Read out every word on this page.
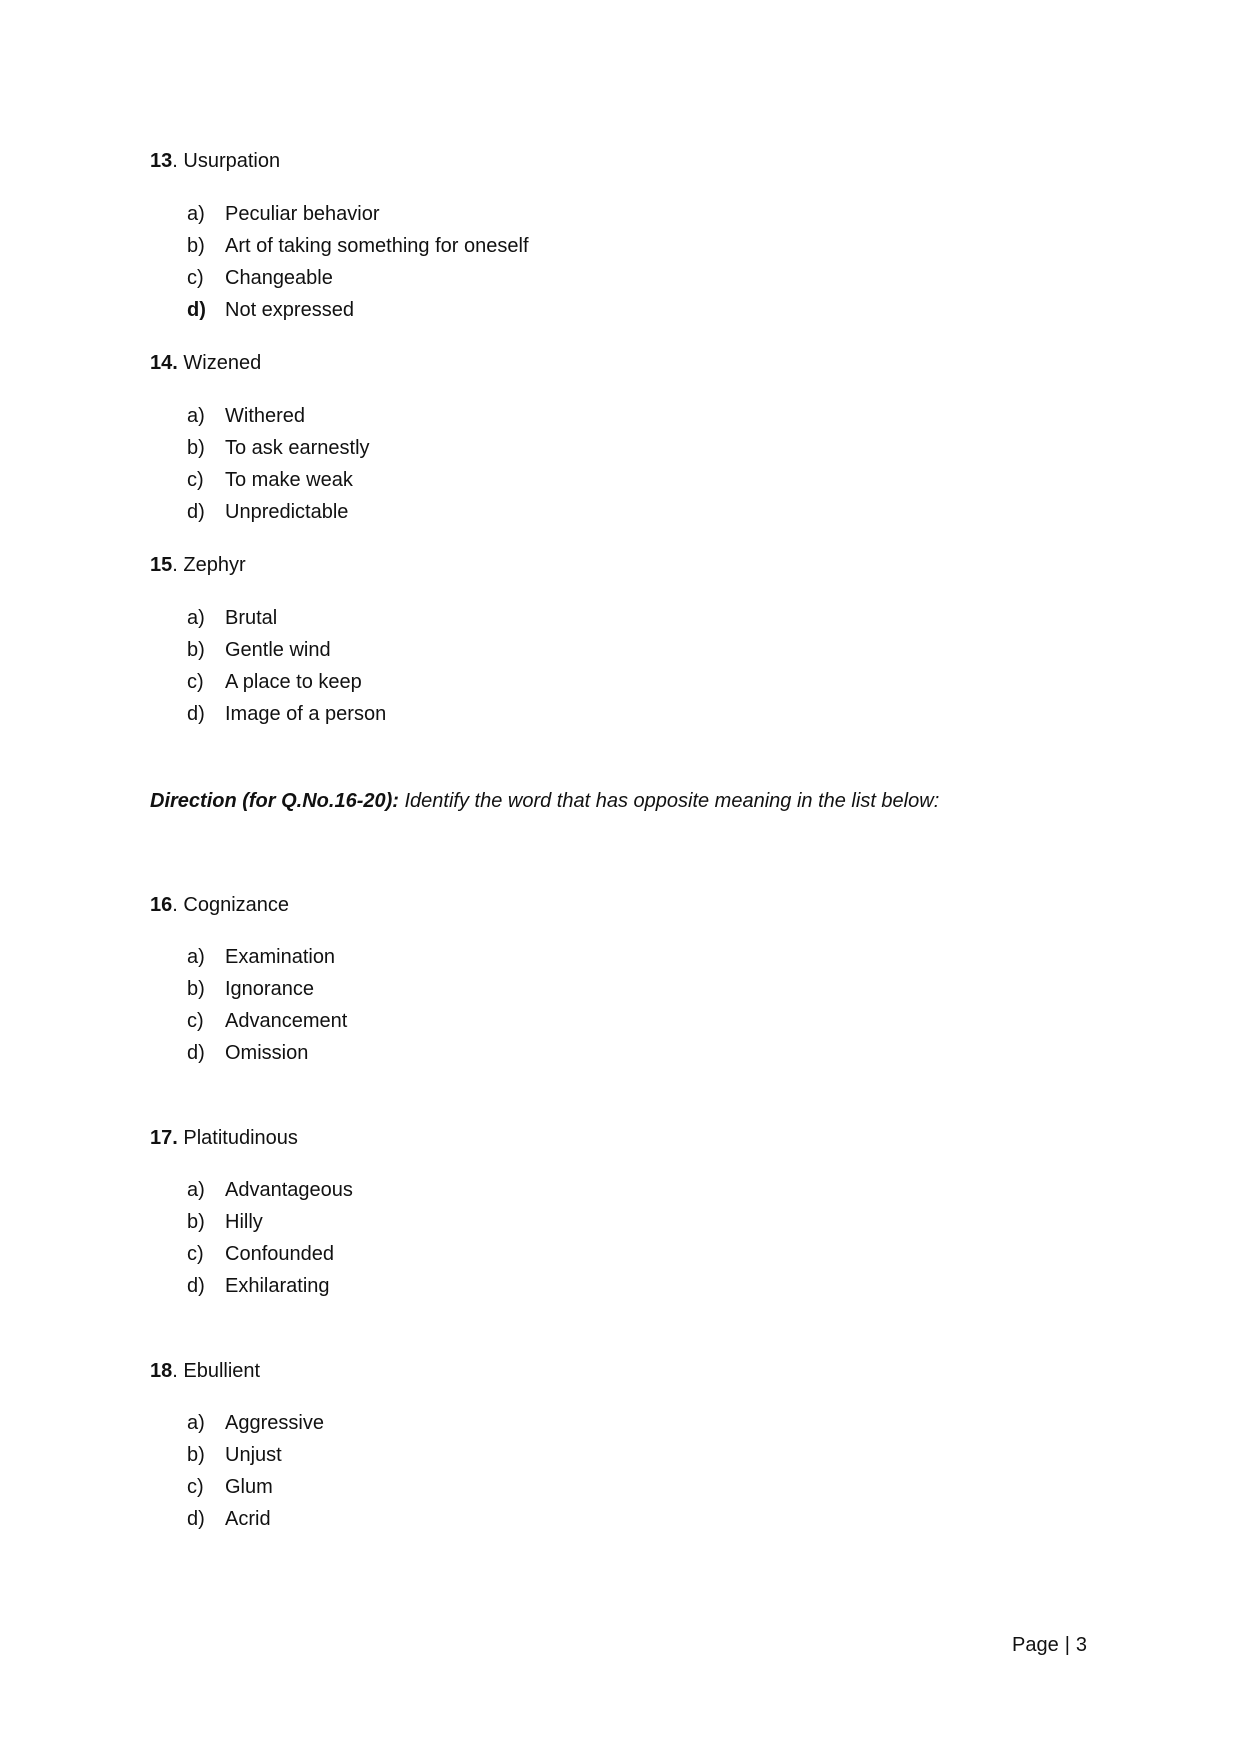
13. Usurpation
a) Peculiar behavior
b) Art of taking something for oneself
c) Changeable
d) Not expressed
14. Wizened
a) Withered
b) To ask earnestly
c) To make weak
d) Unpredictable
15. Zephyr
a) Brutal
b) Gentle wind
c) A place to keep
d) Image of a person
Direction (for Q.No.16-20): Identify the word that has opposite meaning in the list below:
16. Cognizance
a) Examination
b) Ignorance
c) Advancement
d) Omission
17. Platitudinous
a) Advantageous
b) Hilly
c) Confounded
d) Exhilarating
18. Ebullient
a) Aggressive
b) Unjust
c) Glum
d) Acrid
Page | 3
